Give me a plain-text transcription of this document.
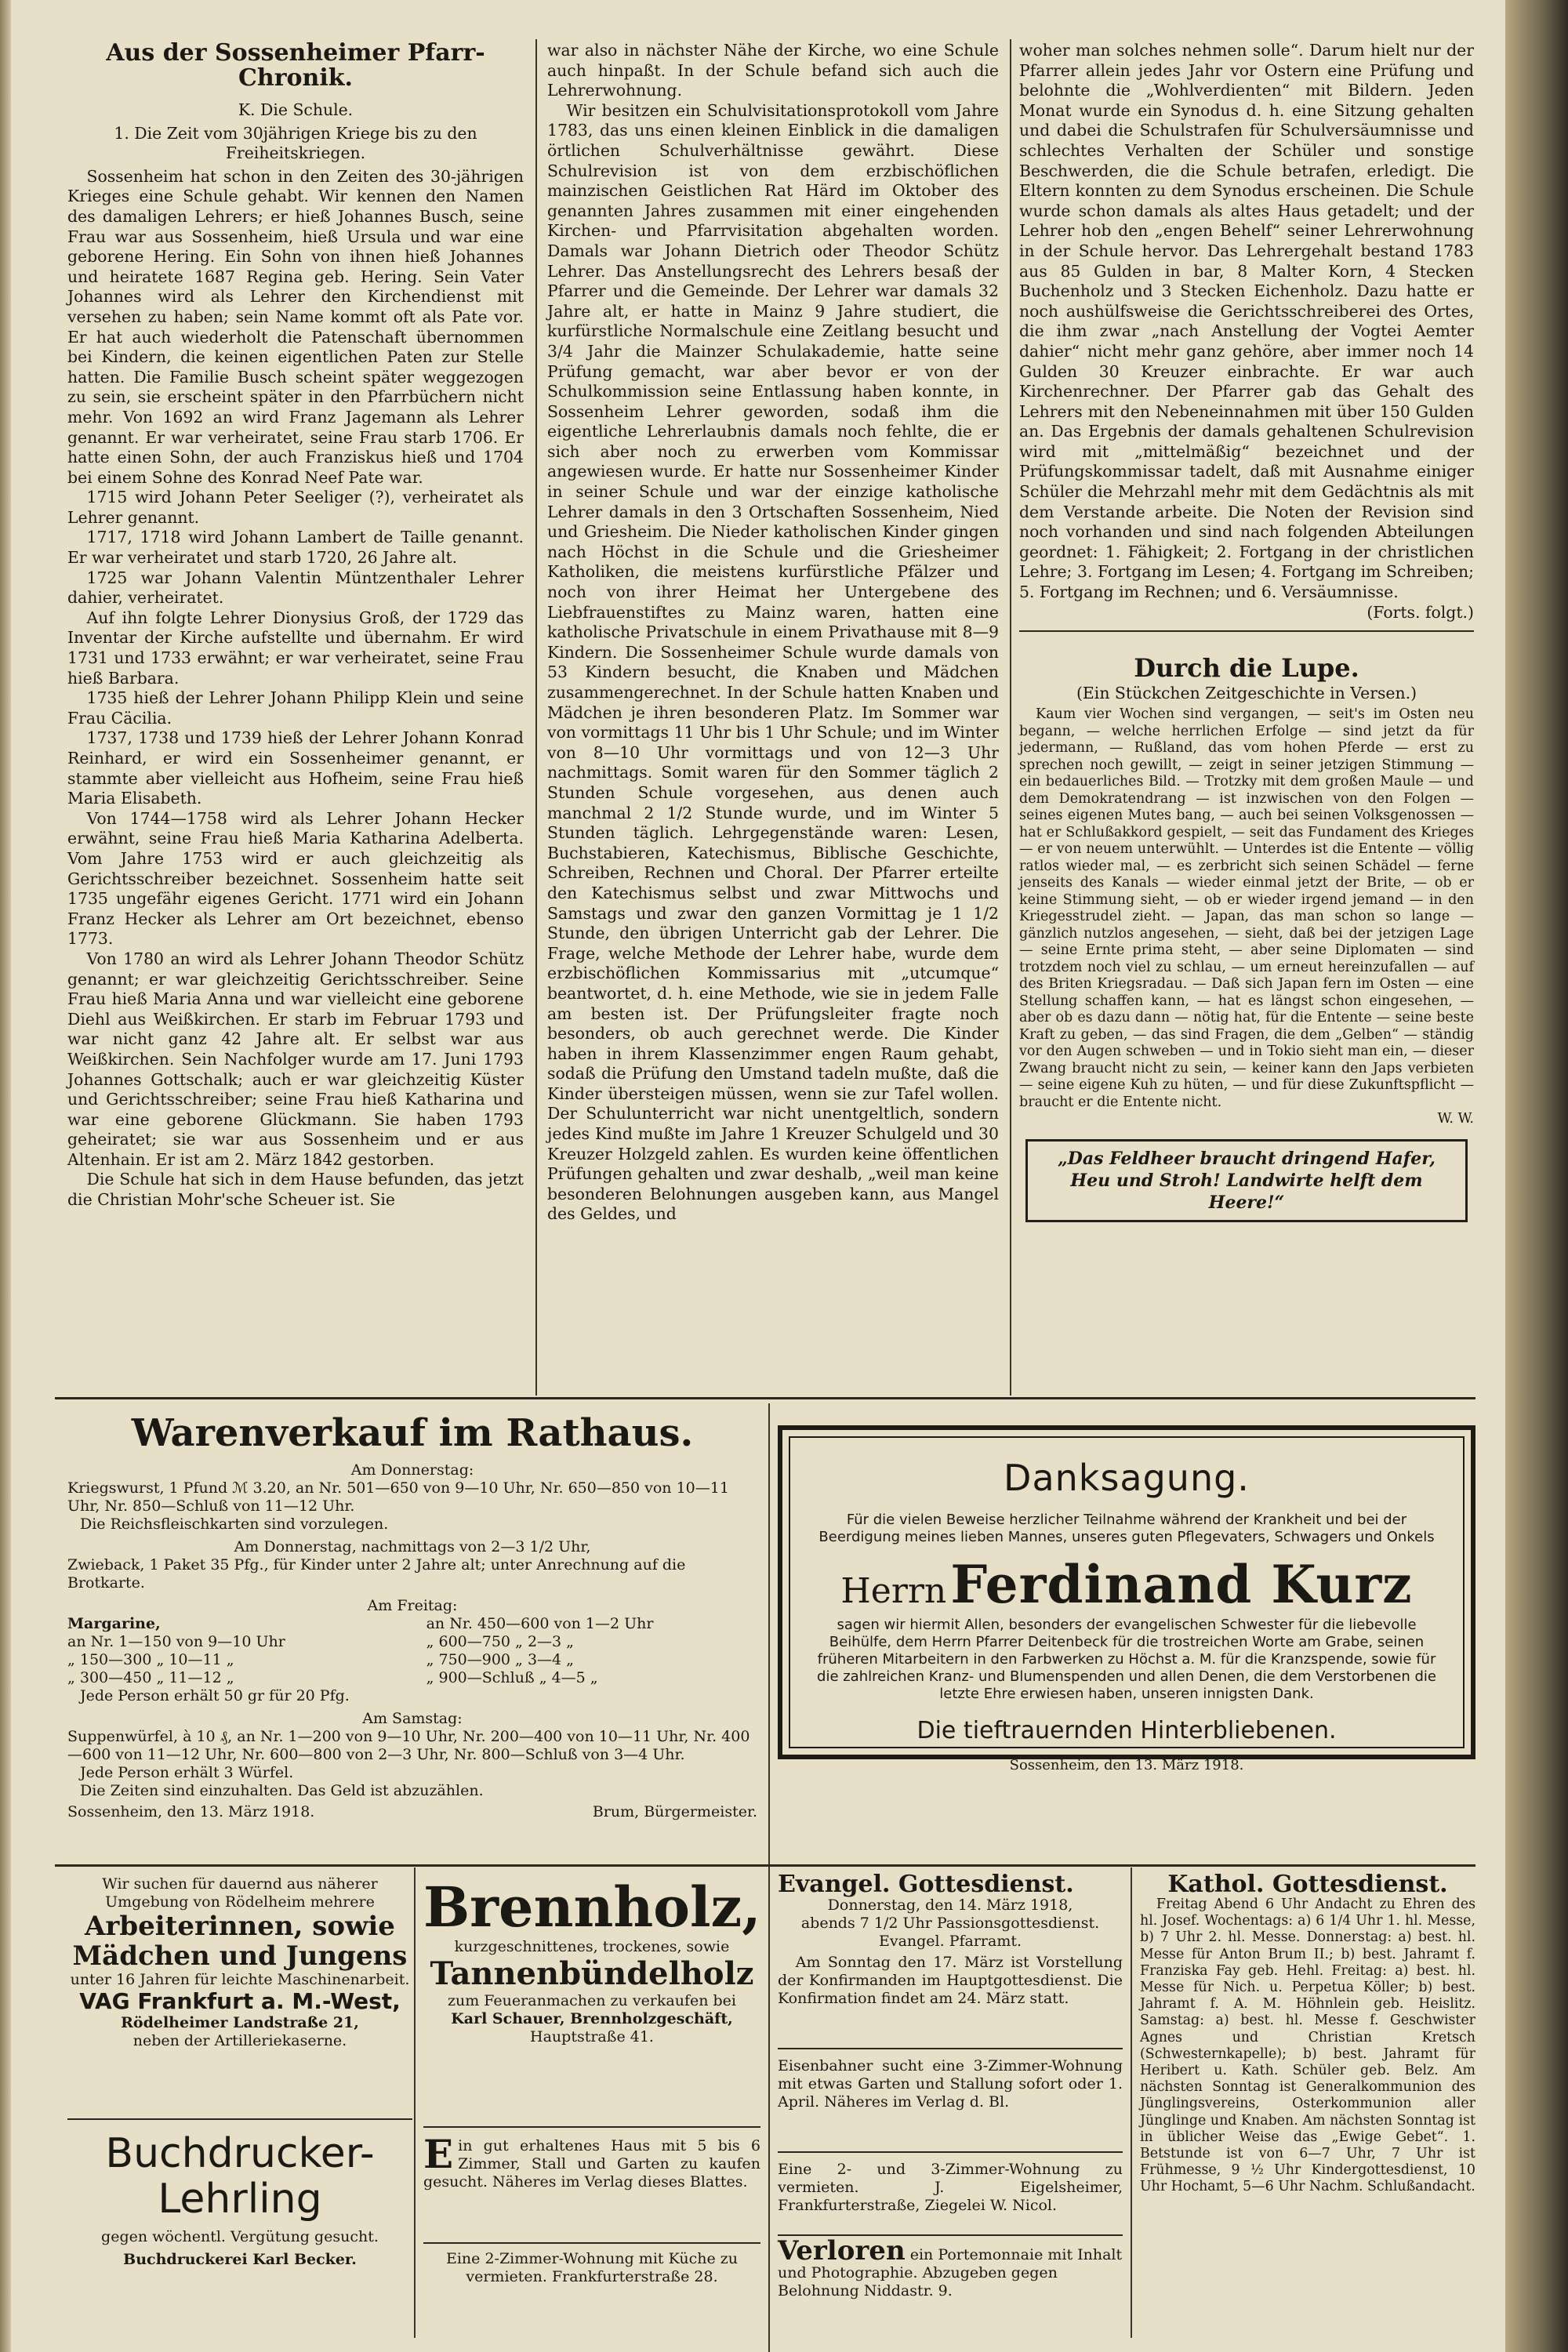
Aus der Sossenheimer Pfarr-Chronik.
K. Die Schule.
1. Die Zeit vom 30jährigen Kriege bis zu den Freiheitskriegen.

Sossenheim hat schon in den Zeiten des 30-jährigen Krieges eine Schule gehabt. Wir kennen den Namen des damaligen Lehrers; er hieß Johannes Busch, seine Frau war aus Sossenheim, hieß Ursula und war eine geborene Hering. Ein Sohn von ihnen hieß Johannes und heiratete 1687 Regina geb. Hering. Sein Vater Johannes wird als Lehrer den Kirchendienst mit versehen zu haben; sein Name kommt oft als Pate vor. Er hat auch wiederholt die Patenschaft übernommen bei Kindern, die keinen eigentlichen Paten zur Stelle hatten. Die Familie Busch scheint später weggezogen zu sein, sie erscheint später in den Pfarrbüchern nicht mehr. Von 1692 an wird Franz Jagemann als Lehrer genannt. Er war verheiratet, seine Frau starb 1706. Er hatte einen Sohn, der auch Franziskus hieß und 1704 bei einem Sohne des Konrad Neef Pate war.

1715 wird Johann Peter Seeliger (?), verheiratet als Lehrer genannt.

1717, 1718 wird Johann Lambert de Taille genannt. Er war verheiratet und starb 1720, 26 Jahre alt.

1725 war Johann Valentin Müntzenthaler Lehrer dahier, verheiratet.

Auf ihn folgte Lehrer Dionysius Groß, der 1729 das Inventar der Kirche aufstellte und übernahm. Er wird 1731 und 1733 erwähnt; er war verheiratet, seine Frau hieß Barbara.

1735 hieß der Lehrer Johann Philipp Klein und seine Frau Cäcilia.

1737, 1738 und 1739 hieß der Lehrer Johann Konrad Reinhard, er wird ein Sossenheimer genannt, er stammte aber vielleicht aus Hofheim, seine Frau hieß Maria Elisabeth.

Von 1744—1758 wird als Lehrer Johann Hecker erwähnt, seine Frau hieß Maria Katharina Adelberta. Vom Jahre 1753 wird er auch gleichzeitig als Gerichtsschreiber bezeichnet. Sossenheim hatte seit 1735 ungefähr eigenes Gericht. 1771 wird ein Johann Franz Hecker als Lehrer am Ort bezeichnet, ebenso 1773.

Von 1780 an wird als Lehrer Johann Theodor Schütz genannt; er war gleichzeitig Gerichtsschreiber. Seine Frau hieß Maria Anna und war vielleicht eine geborene Diehl aus Weißkirchen. Er starb im Februar 1793 und war nicht ganz 42 Jahre alt. Er selbst war aus Weißkirchen. Sein Nachfolger wurde am 17. Juni 1793 Johannes Gottschalk; auch er war gleichzeitig Küster und Gerichtsschreiber; seine Frau hieß Katharina und war eine geborene Glückmann. Sie haben 1793 geheiratet; sie war aus Sossenheim und er aus Altenhain. Er ist am 2. März 1842 gestorben.

Die Schule hat sich in dem Hause befunden, das jetzt die Christian Mohr'sche Scheuer ist. Sie

war also in nächster Nähe der Kirche, wo eine Schule auch hinpaßt. In der Schule befand sich auch die Lehrerwohnung.

Wir besitzen ein Schulvisitationsprotokoll vom Jahre 1783, das uns einen kleinen Einblick in die damaligen örtlichen Schulverhältnisse gewährt. Diese Schulrevision ist von dem erzbischöflichen mainzischen Geistlichen Rat Härd im Oktober des genannten Jahres zusammen mit einer eingehenden Kirchen- und Pfarrvisitation abgehalten worden. Damals war Johann Dietrich oder Theodor Schütz Lehrer. Das Anstellungsrecht des Lehrers besaß der Pfarrer und die Gemeinde. Der Lehrer war damals 32 Jahre alt, er hatte in Mainz 9 Jahre studiert, die kurfürstliche Normalschule eine Zeitlang besucht und 3/4 Jahr die Mainzer Schulakademie, hatte seine Prüfung gemacht, war aber bevor er von der Schulkommission seine Entlassung haben konnte, in Sossenheim Lehrer geworden, sodaß ihm die eigentliche Lehrerlaubnis damals noch fehlte, die er sich aber noch zu erwerben vom Kommissar angewiesen wurde. Er hatte nur Sossenheimer Kinder in seiner Schule und war der einzige katholische Lehrer damals in den 3 Ortschaften Sossenheim, Nied und Griesheim. Die Nieder katholischen Kinder gingen nach Höchst in die Schule und die Griesheimer Katholiken, die meistens kurfürstliche Pfälzer und noch von ihrer Heimat her Untergebene des Liebfrauenstiftes zu Mainz waren, hatten eine katholische Privatschule in einem Privathause mit 8—9 Kindern. Die Sossenheimer Schule wurde damals von 53 Kindern besucht, die Knaben und Mädchen zusammengerechnet. In der Schule hatten Knaben und Mädchen je ihren besonderen Platz. Im Sommer war von vormittags 11 Uhr bis 1 Uhr Schule; und im Winter von 8—10 Uhr vormittags und von 12—3 Uhr nachmittags. Somit waren für den Sommer täglich 2 Stunden Schule vorgesehen, aus denen auch manchmal 2 1/2 Stunde wurde, und im Winter 5 Stunden täglich. Lehrgegenstände waren: Lesen, Buchstabieren, Katechismus, Biblische Geschichte, Schreiben, Rechnen und Choral. Der Pfarrer erteilte den Katechismus selbst und zwar Mittwochs und Samstags und zwar den ganzen Vormittag je 1 1/2 Stunde, den übrigen Unterricht gab der Lehrer. Die Frage, welche Methode der Lehrer habe, wurde dem erzbischöflichen Kommissarius mit „utcumque“ beantwortet, d. h. eine Methode, wie sie in jedem Falle am besten ist. Der Prüfungsleiter fragte noch besonders, ob auch gerechnet werde. Die Kinder haben in ihrem Klassenzimmer engen Raum gehabt, sodaß die Prüfung den Umstand tadeln mußte, daß die Kinder übersteigen müssen, wenn sie zur Tafel wollen. Der Schulunterricht war nicht unentgeltlich, sondern jedes Kind mußte im Jahre 1 Kreuzer Schulgeld und 30 Kreuzer Holzgeld zahlen. Es wurden keine öffentlichen Prüfungen gehalten und zwar deshalb, „weil man keine besonderen Belohnungen ausgeben kann, aus Mangel des Geldes, und

woher man solches nehmen solle“. Darum hielt nur der Pfarrer allein jedes Jahr vor Ostern eine Prüfung und belohnte die „Wohlverdienten“ mit Bildern. Jeden Monat wurde ein Synodus d. h. eine Sitzung gehalten und dabei die Schulstrafen für Schulversäumnisse und schlechtes Verhalten der Schüler und sonstige Beschwerden, die die Schule betrafen, erledigt. Die Eltern konnten zu dem Synodus erscheinen. Die Schule wurde schon damals als altes Haus getadelt; und der Lehrer hob den „engen Behelf“ seiner Lehrerwohnung in der Schule hervor. Das Lehrergehalt bestand 1783 aus 85 Gulden in bar, 8 Malter Korn, 4 Stecken Buchenholz und 3 Stecken Eichenholz. Dazu hatte er noch aushülfsweise die Gerichtsschreiberei des Ortes, die ihm zwar „nach Anstellung der Vogtei Aemter dahier“ nicht mehr ganz gehöre, aber immer noch 14 Gulden 30 Kreuzer einbrachte. Er war auch Kirchenrechner. Der Pfarrer gab das Gehalt des Lehrers mit den Nebeneinnahmen mit über 150 Gulden an. Das Ergebnis der damals gehaltenen Schulrevision wird mit „mittelmäßig“ bezeichnet und der Prüfungskommissar tadelt, daß mit Ausnahme einiger Schüler die Mehrzahl mehr mit dem Gedächtnis als mit dem Verstande arbeite. Die Noten der Revision sind noch vorhanden und sind nach folgenden Abteilungen geordnet: 1. Fähigkeit; 2. Fortgang in der christlichen Lehre; 3. Fortgang im Lesen; 4. Fortgang im Schreiben; 5. Fortgang im Rechnen; und 6. Versäumnisse.

(Forts. folgt.)
Durch die Lupe.
(Ein Stückchen Zeitgeschichte in Versen.)
Kaum vier Wochen sind vergangen, — seit's im Osten neu begann, — welche herrlichen Erfolge — sind jetzt da für jedermann, — Rußland, das vom hohen Pferde — erst zu sprechen noch gewillt, — zeigt in seiner jetzigen Stimmung — ein bedauerliches Bild. — Trotzky mit dem großen Maule — und dem Demokratendrang — ist inzwischen von den Folgen — seines eigenen Mutes bang, — auch bei seinen Volksgenossen — hat er Schlußakkord gespielt, — seit das Fundament des Krieges — er von neuem unterwühlt. — Unterdes ist die Entente — völlig ratlos wieder mal, — es zerbricht sich seinen Schädel — ferne jenseits des Kanals — wieder einmal jetzt der Brite, — ob er keine Stimmung sieht, — ob er wieder irgend jemand — in den Kriegesstrudel zieht. — Japan, das man schon so lange — gänzlich nutzlos angesehen, — sieht, daß bei der jetzigen Lage — seine Ernte prima steht, — aber seine Diplomaten — sind trotzdem noch viel zu schlau, — um erneut hereinzufallen — auf des Briten Kriegsradau. — Daß sich Japan fern im Osten — eine Stellung schaffen kann, — hat es längst schon eingesehen, — aber ob es dazu dann — nötig hat, für die Entente — seine beste Kraft zu geben, — das sind Fragen, die dem „Gelben“ — ständig vor den Augen schweben — und in Tokio sieht man ein, — dieser Zwang braucht nicht zu sein, — keiner kann den Japs verbieten — seine eigene Kuh zu hüten, — und für diese Zukunftspflicht — braucht er die Entente nicht.
W. W.
„Das Feldheer braucht dringend Hafer, Heu und Stroh! Landwirte helft dem Heere!“
Warenverkauf im Rathaus.
Am Donnerstag:
Kriegswurst, 1 Pfund ℳ 3.20, an Nr. 501—650 von 9—10 Uhr, Nr. 650—850 von 10—11 Uhr, Nr. 850—Schluß von 11—12 Uhr.
Die Reichsfleischkarten sind vorzulegen.
Am Donnerstag, nachmittags von 2—3 1/2 Uhr,
Zwieback, 1 Paket 35 Pfg., für Kinder unter 2 Jahre alt; unter Anrechnung auf die Brotkarte.
Am Freitag:
Margarine,
an Nr. 1—150 von 9—10 Uhr
„ 150—300 „ 10—11 „
„ 300—450 „ 11—12 „
an Nr. 450—600 von 1—2 Uhr
„ 600—750 „ 2—3 „
„ 750—900 „ 3—4 „
„ 900—Schluß „ 4—5 „
Jede Person erhält 50 gr für 20 Pfg.
Am Samstag:
Suppenwürfel, à 10 ₰, an Nr. 1—200 von 9—10 Uhr, Nr. 200—400 von 10—11 Uhr, Nr. 400—600 von 11—12 Uhr, Nr. 600—800 von 2—3 Uhr, Nr. 800—Schluß von 3—4 Uhr.
Jede Person erhält 3 Würfel.
Die Zeiten sind einzuhalten. Das Geld ist abzuzählen.
Sossenheim, den 13. März 1918.	Brum, Bürgermeister.
Danksagung.
Für die vielen Beweise herzlicher Teilnahme während der Krankheit und bei der Beerdigung meines lieben Mannes, unseres guten Pflegevaters, Schwagers und Onkels
Herrn Ferdinand Kurz
sagen wir hiermit Allen, besonders der evangelischen Schwester für die liebevolle Beihülfe, dem Herrn Pfarrer Deitenbeck für die trostreichen Worte am Grabe, seinen früheren Mitarbeitern in den Farbwerken zu Höchst a. M. für die Kranzspende, sowie für die zahlreichen Kranz- und Blumenspenden und allen Denen, die dem Verstorbenen die letzte Ehre erwiesen haben, unseren innigsten Dank.
Die tieftrauernden Hinterbliebenen.
Sossenheim, den 13. März 1918.
Wir suchen für dauernd aus näherer Umgebung von Rödelheim mehrere
Arbeiterinnen, sowie
Mädchen und Jungens
unter 16 Jahren für leichte Maschinenarbeit.
VAG Frankfurt a. M.-West,
Rödelheimer Landstraße 21,
neben der Artilleriekaserne.
Buchdrucker-Lehrling
gegen wöchentl. Vergütung gesucht.
Buchdruckerei Karl Becker.
Brennholz,
kurzgeschnittenes, trockenes, sowie
Tannenbündelholz
zum Feueranmachen zu verkaufen bei
Karl Schauer, Brennholzgeschäft,
Hauptstraße 41.
Ein gut erhaltenes Haus mit 5 bis 6 Zimmer, Stall und Garten zu kaufen gesucht. Näheres im Verlag dieses Blattes.
Eine 2-Zimmer-Wohnung mit Küche zu vermieten. Frankfurterstraße 28.
Evangel. Gottesdienst.
Donnerstag, den 14. März 1918,
abends 7 1/2 Uhr Passionsgottesdienst.
Evangel. Pfarramt.
Am Sonntag den 17. März ist Vorstellung der Konfirmanden im Hauptgottesdienst. Die Konfirmation findet am 24. März statt.
Eisenbahner sucht eine 3-Zimmer-Wohnung mit etwas Garten und Stallung sofort oder 1. April. Näheres im Verlag d. Bl.
Eine 2- und 3-Zimmer-Wohnung zu vermieten. J. Eigelsheimer, Frankfurterstraße, Ziegelei W. Nicol.
Verloren ein Portemonnaie mit Inhalt und Photographie. Abzugeben gegen Belohnung Niddastr. 9.
Kathol. Gottesdienst.
Freitag Abend 6 Uhr Andacht zu Ehren des hl. Josef. Wochentags: a) 6 1/4 Uhr 1. hl. Messe, b) 7 Uhr 2. hl. Messe. Donnerstag: a) best. hl. Messe für Anton Brum II.; b) best. Jahramt f. Franziska Fay geb. Hehl. Freitag: a) best. hl. Messe für Nich. u. Perpetua Köller; b) best. Jahramt f. A. M. Höhnlein geb. Heislitz. Samstag: a) best. hl. Messe f. Geschwister Agnes und Christian Kretsch (Schwesternkapelle); b) best. Jahramt für Heribert u. Kath. Schüler geb. Belz. Am nächsten Sonntag ist Generalkommunion des Jünglingsvereins, Osterkommunion aller Jünglinge und Knaben. Am nächsten Sonntag ist in üblicher Weise das „Ewige Gebet“. 1. Betstunde ist von 6—7 Uhr, 7 Uhr ist Frühmesse, 9 ½ Uhr Kindergottesdienst, 10 Uhr Hochamt, 5—6 Uhr Nachm. Schlußandacht.
